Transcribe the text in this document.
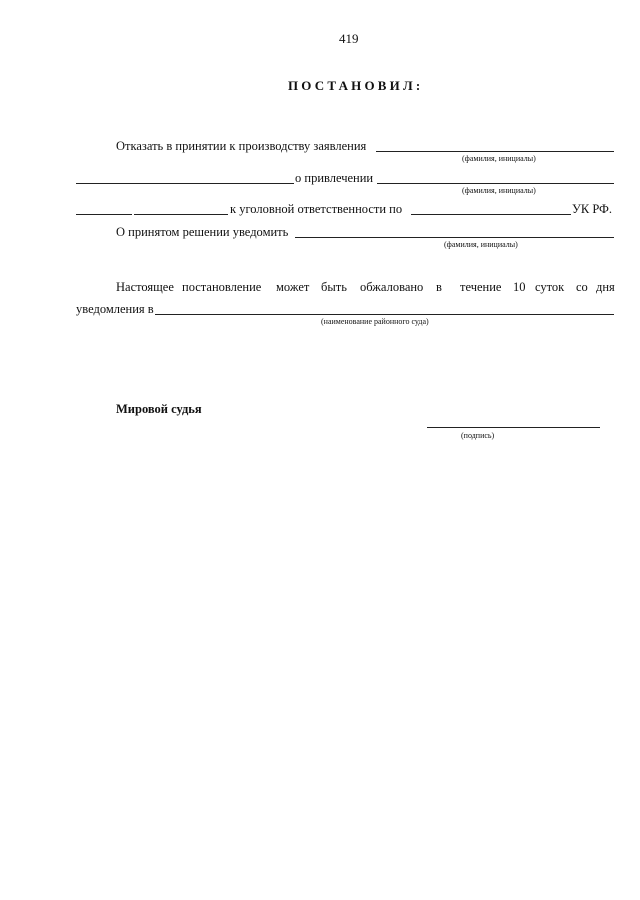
419
ПОСТАНОВИЛ:
Отказать в принятии к производству заявления
(фамилия, инициалы)
о привлечении
(фамилия, инициалы)
к уголовной ответственности по	УК РФ.
О принятом решении уведомить
(фамилия, инициалы)
Настоящее постановление может быть обжаловано в течение 10 суток со дня
уведомления в
(наименование районного суда)
Мировой судья
(подпись)
